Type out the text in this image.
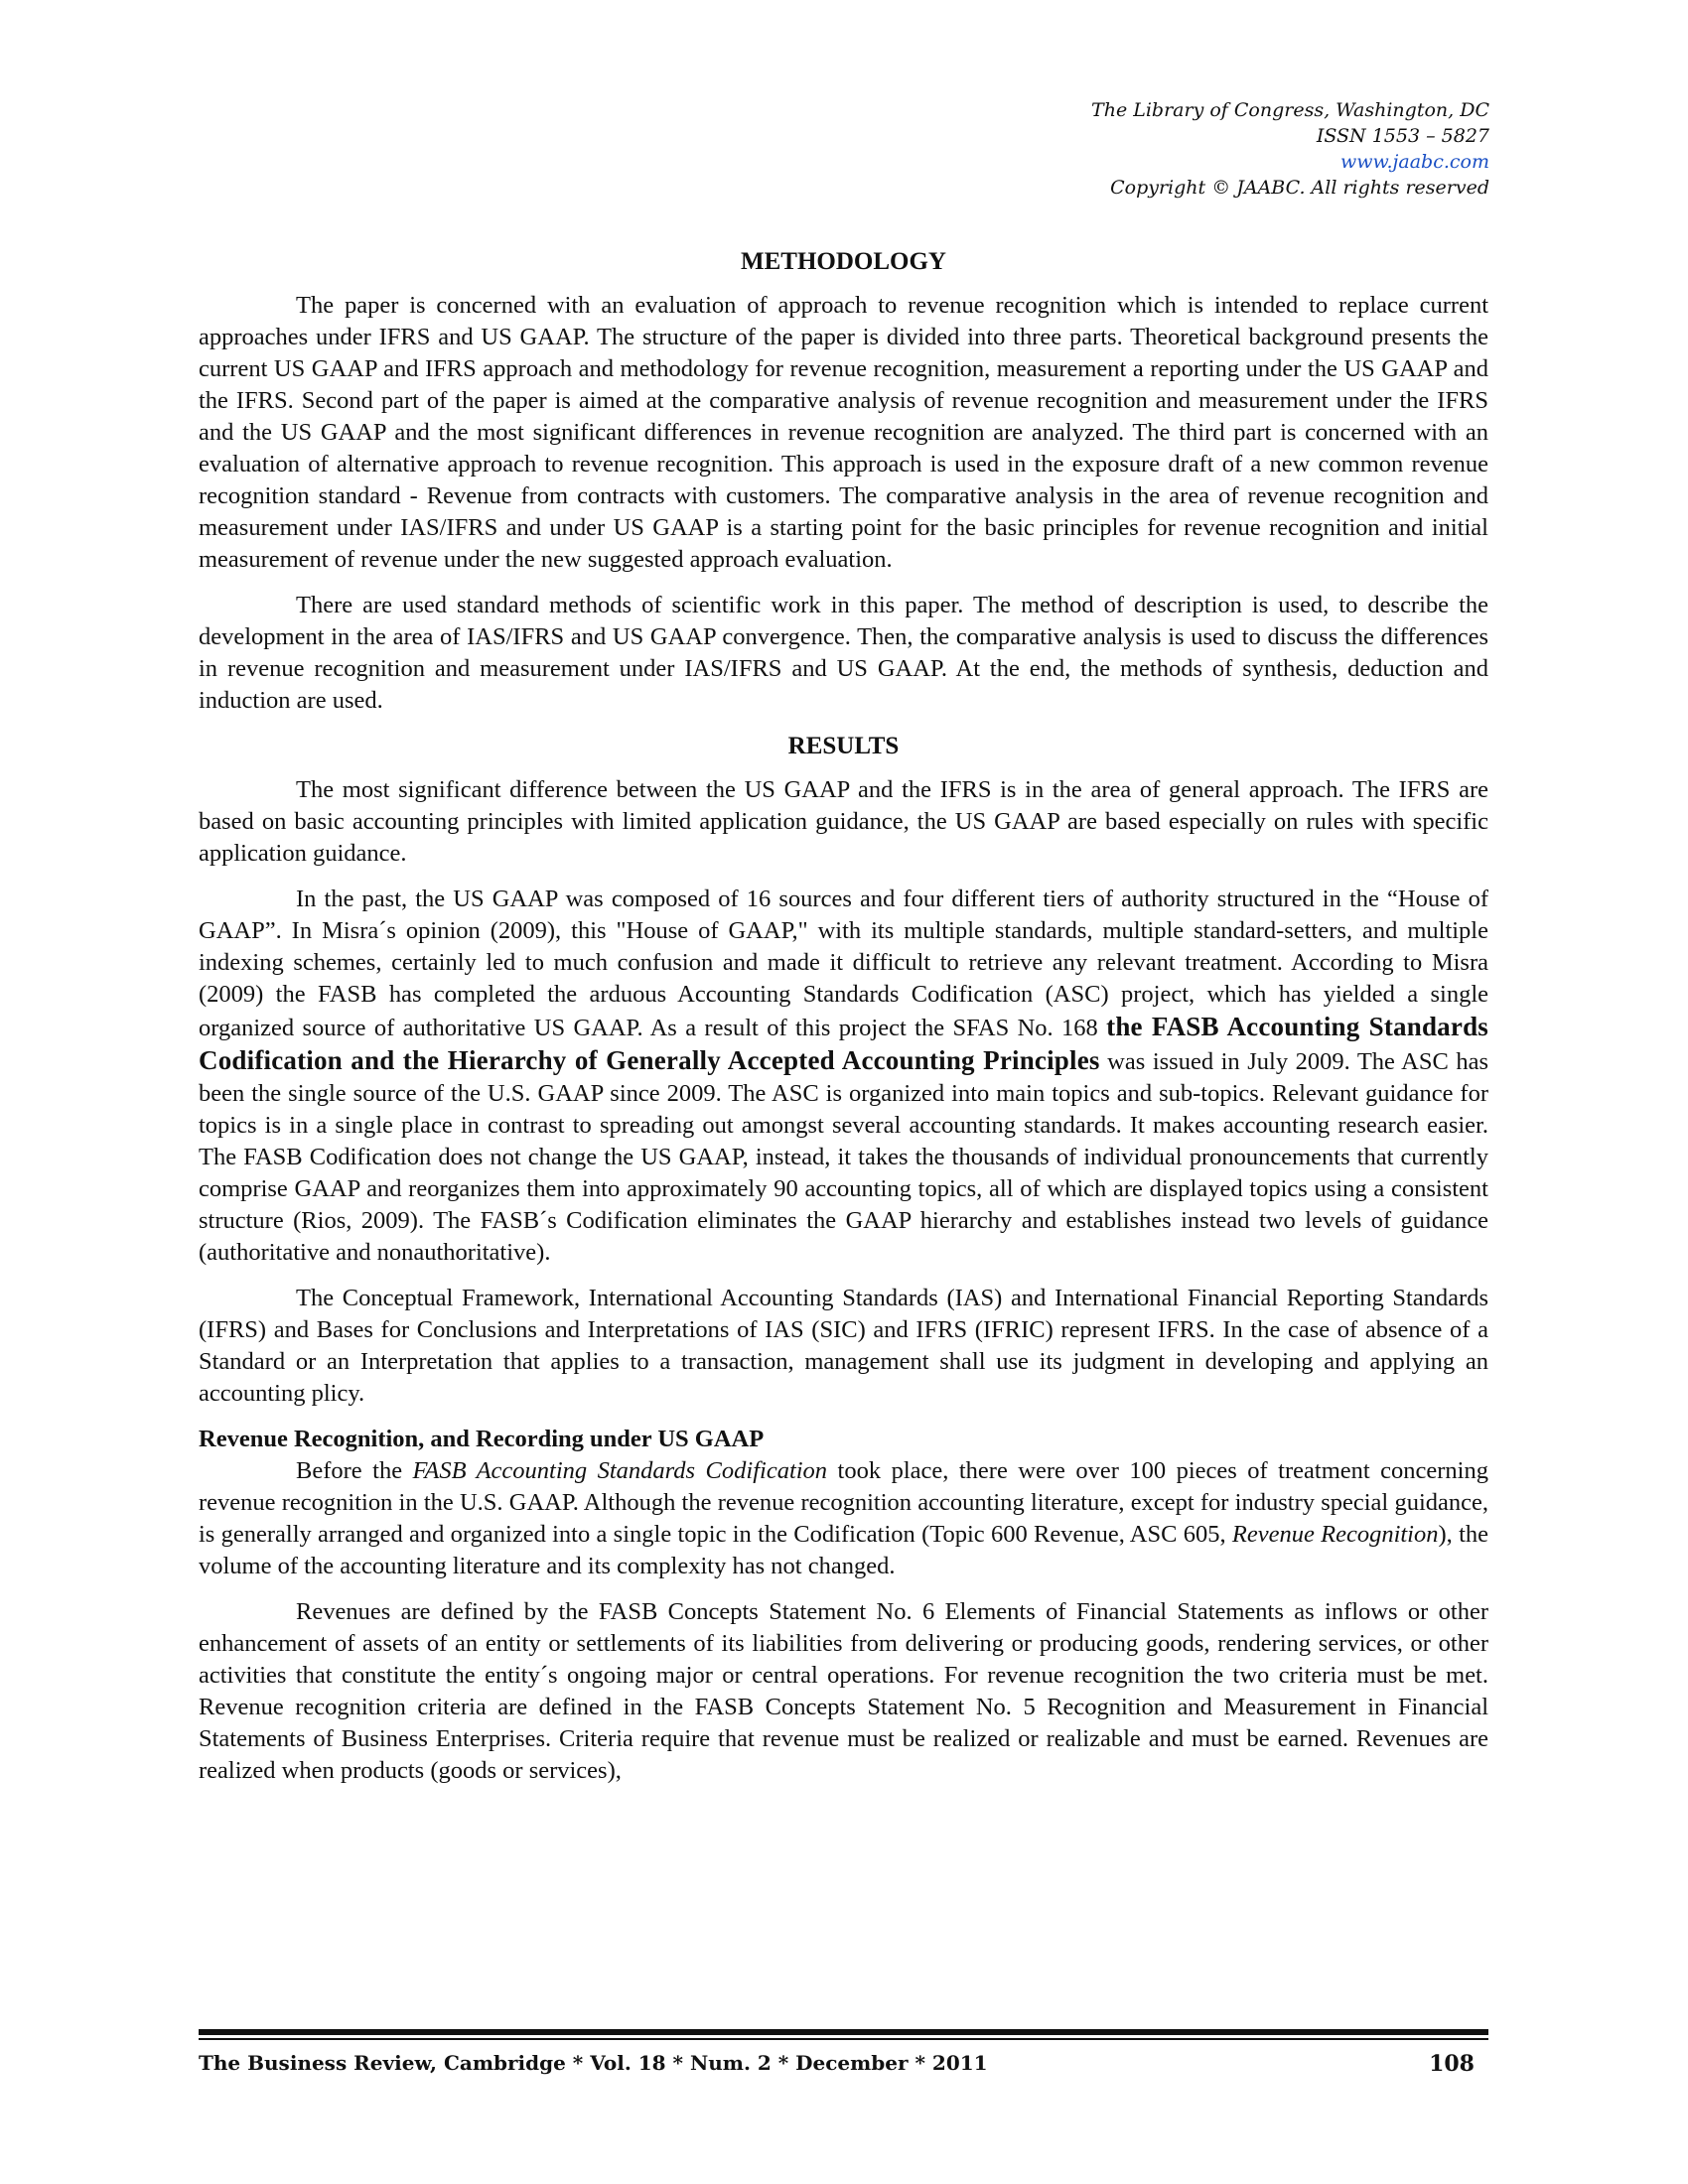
The Library of Congress, Washington, DC
ISSN 1553 – 5827
www.jaabc.com
Copyright © JAABC. All rights reserved
METHODOLOGY

The paper is concerned with an evaluation of approach to revenue recognition which is intended to replace current approaches under IFRS and US GAAP. The structure of the paper is divided into three parts. Theoretical background presents the current US GAAP and IFRS approach and methodology for revenue recognition, measurement a reporting under the US GAAP and the IFRS. Second part of the paper is aimed at the comparative analysis of revenue recognition and measurement under the IFRS and the US GAAP and the most significant differences in revenue recognition are analyzed. The third part is concerned with an evaluation of alternative approach to revenue recognition. This approach is used in the exposure draft of a new common revenue recognition standard - Revenue from contracts with customers. The comparative analysis in the area of revenue recognition and measurement under IAS/IFRS and under US GAAP is a starting point for the basic principles for revenue recognition and initial measurement of revenue under the new suggested approach evaluation.

There are used standard methods of scientific work in this paper. The method of description is used, to describe the development in the area of IAS/IFRS and US GAAP convergence. Then, the comparative analysis is used to discuss the differences in revenue recognition and measurement under IAS/IFRS and US GAAP. At the end, the methods of synthesis, deduction and induction are used.

RESULTS

The most significant difference between the US GAAP and the IFRS is in the area of general approach. The IFRS are based on basic accounting principles with limited application guidance, the US GAAP are based especially on rules with specific application guidance.

In the past, the US GAAP was composed of 16 sources and four different tiers of authority structured in the “House of GAAP”. In Misra´s opinion (2009), this "House of GAAP," with its multiple standards, multiple standard-setters, and multiple indexing schemes, certainly led to much confusion and made it difficult to retrieve any relevant treatment. According to Misra (2009) the FASB has completed the arduous Accounting Standards Codification (ASC) project, which has yielded a single organized source of authoritative US GAAP. As a result of this project the SFAS No. 168 the FASB Accounting Standards Codification and the Hierarchy of Generally Accepted Accounting Principles was issued in July 2009. The ASC has been the single source of the U.S. GAAP since 2009. The ASC is organized into main topics and sub-topics. Relevant guidance for topics is in a single place in contrast to spreading out amongst several accounting standards. It makes accounting research easier. The FASB Codification does not change the US GAAP, instead, it takes the thousands of individual pronouncements that currently comprise GAAP and reorganizes them into approximately 90 accounting topics, all of which are displayed topics using a consistent structure (Rios, 2009). The FASB´s Codification eliminates the GAAP hierarchy and establishes instead two levels of guidance (authoritative and nonauthoritative).

The Conceptual Framework, International Accounting Standards (IAS) and International Financial Reporting Standards (IFRS) and Bases for Conclusions and Interpretations of IAS (SIC) and IFRS (IFRIC) represent IFRS. In the case of absence of a Standard or an Interpretation that applies to a transaction, management shall use its judgment in developing and applying an accounting plicy.

Revenue Recognition, and Recording under US GAAP

Before the FASB Accounting Standards Codification took place, there were over 100 pieces of treatment concerning revenue recognition in the U.S. GAAP. Although the revenue recognition accounting literature, except for industry special guidance, is generally arranged and organized into a single topic in the Codification (Topic 600 Revenue, ASC 605, Revenue Recognition), the volume of the accounting literature and its complexity has not changed.

Revenues are defined by the FASB Concepts Statement No. 6 Elements of Financial Statements as inflows or other enhancement of assets of an entity or settlements of its liabilities from delivering or producing goods, rendering services, or other activities that constitute the entity´s ongoing major or central operations. For revenue recognition the two criteria must be met. Revenue recognition criteria are defined in the FASB Concepts Statement No. 5 Recognition and Measurement in Financial Statements of Business Enterprises. Criteria require that revenue must be realized or realizable and must be earned. Revenues are realized when products (goods or services),

The Business Review, Cambridge * Vol. 18 * Num. 2 * December * 2011	108
